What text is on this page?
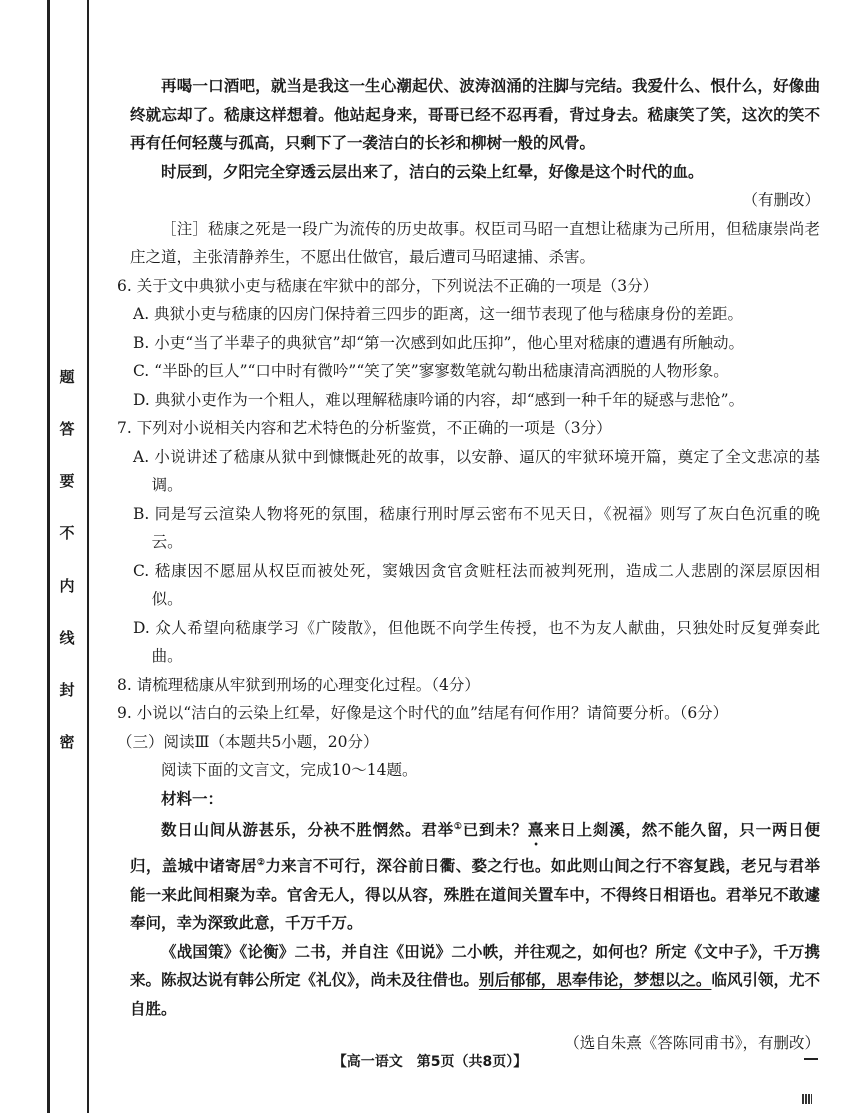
题
答
要
不
内
线
封
密

再喝一口酒吧，就当是我这一生心潮起伏、波涛汹涌的注脚与完结。我爱什么、恨什么，好像曲终就忘却了。嵇康这样想着。他站起身来，哥哥已经不忍再看，背过身去。嵇康笑了笑，这次的笑不再有任何轻蔑与孤高，只剩下了一袭洁白的长衫和柳树一般的风骨。

时辰到，夕阳完全穿透云层出来了，洁白的云染上红晕，好像是这个时代的血。

（有删改）

［注］嵇康之死是一段广为流传的历史故事。权臣司马昭一直想让嵇康为己所用，但嵇康崇尚老庄之道，主张清静养生，不愿出仕做官，最后遭司马昭逮捕、杀害。

6. 关于文中典狱小吏与嵇康在牢狱中的部分，下列说法不正确的一项是（3分）

A. 典狱小吏与嵇康的囚房门保持着三四步的距离，这一细节表现了他与嵇康身份的差距。

B. 小吏“当了半辈子的典狱官”却“第一次感到如此压抑”，他心里对嵇康的遭遇有所触动。

C. “半卧的巨人”“口中时有微吟”“笑了笑”寥寥数笔就勾勒出嵇康清高洒脱的人物形象。

D. 典狱小吏作为一个粗人，难以理解嵇康吟诵的内容，却“感到一种千年的疑惑与悲怆”。

7. 下列对小说相关内容和艺术特色的分析鉴赏，不正确的一项是（3分）

A. 小说讲述了嵇康从狱中到慷慨赴死的故事，以安静、逼仄的牢狱环境开篇，奠定了全文悲凉的基调。

B. 同是写云渲染人物将死的氛围，嵇康行刑时厚云密布不见天日，《祝福》则写了灰白色沉重的晚云。

C. 嵇康因不愿屈从权臣而被处死，窦娥因贪官贪赃枉法而被判死刑，造成二人悲剧的深层原因相似。

D. 众人希望向嵇康学习《广陵散》，但他既不向学生传授，也不为友人献曲，只独处时反复弹奏此曲。

8. 请梳理嵇康从牢狱到刑场的心理变化过程。（4分）

9. 小说以“洁白的云染上红晕，好像是这个时代的血”结尾有何作用？请简要分析。（6分）

（三）阅读Ⅲ（本题共5小题，20分）

阅读下面的文言文，完成10～14题。

材料一：

数日山间从游甚乐，分袂不胜惘然。君举①已到未？熹来日上剡溪，然不能久留，只一两日便归，盖城中诸寄居②力来言不可行，深谷前日衢、婺之行也。如此则山间之行不容复践，老兄与君举能一来此间相聚为幸。官舍无人，得以从容，殊胜在道间关置车中，不得终日相语也。君举兄不敢遽奉问，幸为深致此意，千万千万。

《战国策》《论衡》二书，并自注《田说》二小帙，并往观之，如何也？所定《文中子》，千万携来。陈叔达说有韩公所定《礼仪》，尚未及往借也。别后郁郁，思奉伟论，梦想以之。临风引领，尤不自胜。

（选自朱熹《答陈同甫书》，有删改）

【高一语文　第5页（共8页）】
